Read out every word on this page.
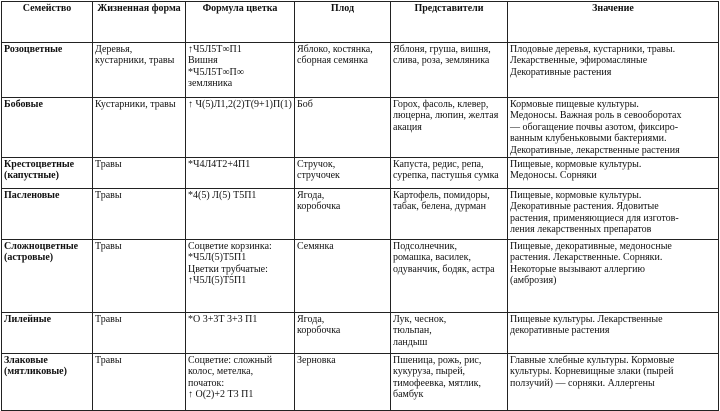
Семейство	Жизненная форма	Формула цветка	Плод	Представители	Значение

Розоцветные	Деревья,
кустарники, травы	↑Ч5Л5Т∞П1
Вишня
*Ч5Л5Т∞П∞
земляника	Яблоко, костянка,
сборная семянка	Яблоня, груша, вишня,
слива, роза, земляника	Плодовые деревья, кустарники, травы.
Лекарственные, эфиромасляные
Декоративные растения

Бобовые	Кустарники, травы	↑ Ч(5)Л1,2(2)Т(9+1)П(1)	Боб	Горох, фасоль, клевер,
люцерна, люпин, желтая
акация	Кормовые пищевые культуры.
Медоносы. Важная роль в севооборотах
— обогащение почвы азотом, фиксиро-
ванным клубеньковыми бактериями.
Декоративные, лекарственные растения

Крестоцветные
(капустные)	Травы	*Ч4Л4Т2+4П1	Стручок,
стручочек	Капуста, редис, репа,
сурепка, пастушья сумка	Пищевые, кормовые культуры.
Медоносы. Сорняки

Пасленовые	Травы	*4(5) Л(5) Т5П1	Ягода,
коробочка	Картофель, помидоры,
табак, белена, дурман	Пищевые, кормовые культуры.
Декоративные растения. Ядовитые
растения, применяющиеся для изготов-
ления лекарственных препаратов

Сложноцветные
(астровые)	Травы	Соцветие корзинка:
*Ч5Л(5)Т5П1
Цветки трубчатые:
↑Ч5Л(5)Т5П1	Семянка	Подсолнечник,
ромашка, василек,
одуванчик, бодяк, астра	Пищевые, декоративные, медоносные
растения. Лекарственные. Сорняки.
Некоторые вызывают аллергию
(амброзия)

Лилейные	Травы	*О 3+3Т 3+3 П1	Ягода,
коробочка	Лук, чеснок,
тюльпан,
ландыш	Пищевые культуры. Лекарственные
декоративные растения

Злаковые
(мятликовые)	Травы	Соцветие: сложный
колос, метелка,
початок:
↑ О(2)+2 Т3 П1	Зерновка	Пшеница, рожь, рис,
кукуруза, пырей,
тимофеевка, мятлик,
бамбук	Главные хлебные культуры. Кормовые
культуры. Корневищные злаки (пырей
ползучий) — сорняки. Аллергены
